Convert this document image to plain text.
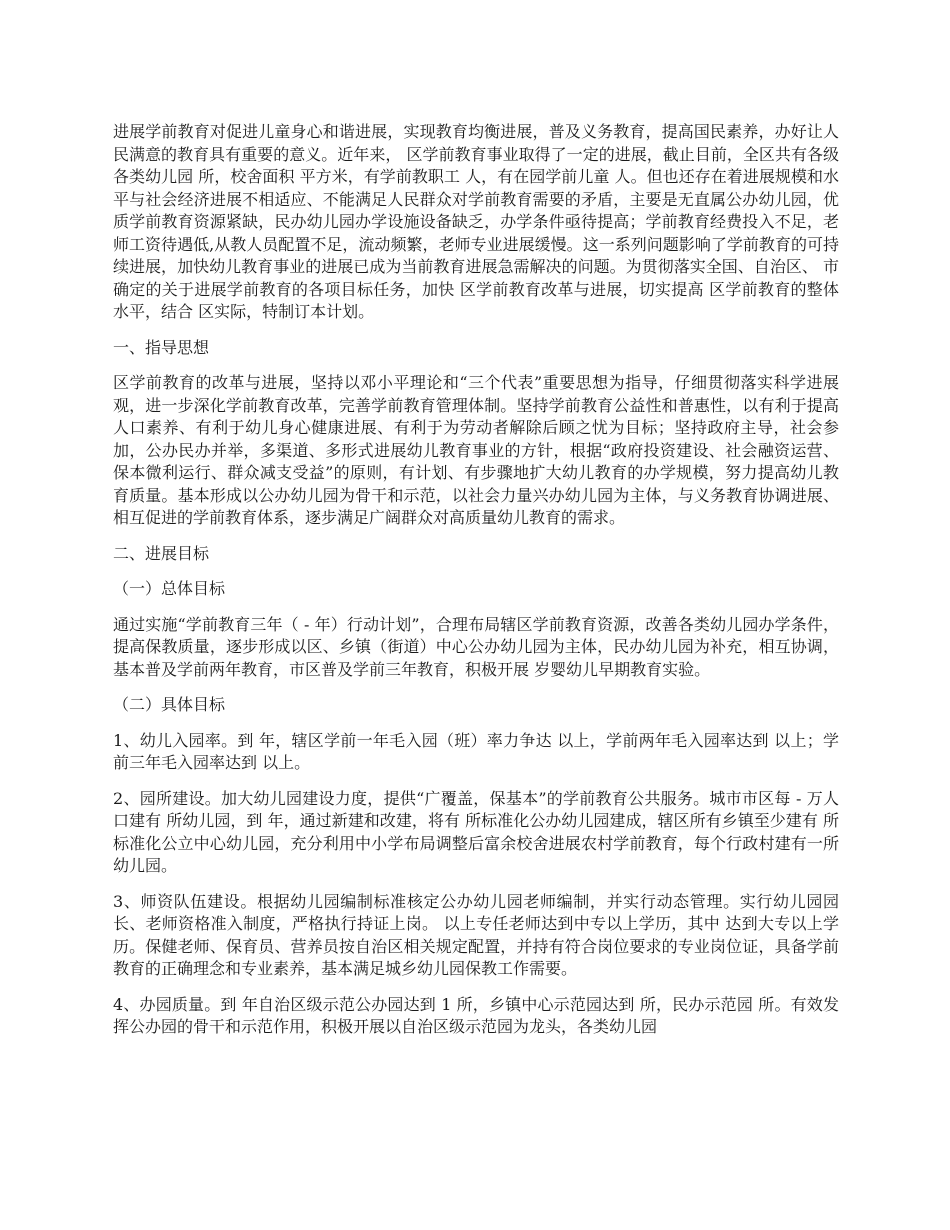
进展学前教育对促进儿童身心和谐进展，实现教育均衡进展，普及义务教育，提高国民素养，办好让人民满意的教育具有重要的意义。近年来， 区学前教育事业取得了一定的进展，截止目前，全区共有各级各类幼儿园 所，校舍面积 平方米，有学前教职工 人，有在园学前儿童 人。但也还存在着进展规模和水平与社会经济进展不相适应、不能满足人民群众对学前教育需要的矛盾，主要是无直属公办幼儿园，优质学前教育资源紧缺，民办幼儿园办学设施设备缺乏，办学条件亟待提高；学前教育经费投入不足，老师工资待遇低,从教人员配置不足，流动频繁，老师专业进展缓慢。这一系列问题影响了学前教育的可持续进展，加快幼儿教育事业的进展已成为当前教育进展急需解决的问题。为贯彻落实全国、自治区、 市确定的关于进展学前教育的各项目标任务，加快 区学前教育改革与进展，切实提高 区学前教育的整体水平，结合 区实际，特制订本计划。

一、指导思想

区学前教育的改革与进展，坚持以邓小平理论和“三个代表”重要思想为指导，仔细贯彻落实科学进展观，进一步深化学前教育改革，完善学前教育管理体制。坚持学前教育公益性和普惠性，以有利于提高人口素养、有利于幼儿身心健康进展、有利于为劳动者解除后顾之忧为目标；坚持政府主导，社会参加，公办民办并举，多渠道、多形式进展幼儿教育事业的方针，根据“政府投资建设、社会融资运营、保本微利运行、群众减支受益”的原则，有计划、有步骤地扩大幼儿教育的办学规模，努力提高幼儿教育质量。基本形成以公办幼儿园为骨干和示范，以社会力量兴办幼儿园为主体，与义务教育协调进展、相互促进的学前教育体系，逐步满足广阔群众对高质量幼儿教育的需求。

二、进展目标

（一）总体目标

通过实施“学前教育三年（ - 年）行动计划”，合理布局辖区学前教育资源，改善各类幼儿园办学条件，提高保教质量，逐步形成以区、乡镇（街道）中心公办幼儿园为主体，民办幼儿园为补充，相互协调，基本普及学前两年教育，市区普及学前三年教育，积极开展 岁婴幼儿早期教育实验。

（二）具体目标

1、幼儿入园率。到 年，辖区学前一年毛入园（班）率力争达 以上，学前两年毛入园率达到 以上；学前三年毛入园率达到 以上。

2、园所建设。加大幼儿园建设力度，提供“广覆盖，保基本”的学前教育公共服务。城市市区每 - 万人口建有 所幼儿园，到 年，通过新建和改建，将有 所标准化公办幼儿园建成，辖区所有乡镇至少建有 所标准化公立中心幼儿园，充分利用中小学布局调整后富余校舍进展农村学前教育，每个行政村建有一所幼儿园。

3、师资队伍建设。根据幼儿园编制标准核定公办幼儿园老师编制，并实行动态管理。实行幼儿园园长、老师资格准入制度，严格执行持证上岗。 以上专任老师达到中专以上学历，其中 达到大专以上学历。保健老师、保育员、营养员按自治区相关规定配置，并持有符合岗位要求的专业岗位证，具备学前教育的正确理念和专业素养，基本满足城乡幼儿园保教工作需要。

4、办园质量。到 年自治区级示范公办园达到 1 所，乡镇中心示范园达到 所，民办示范园 所。有效发挥公办园的骨干和示范作用，积极开展以自治区级示范园为龙头，各类幼儿园
